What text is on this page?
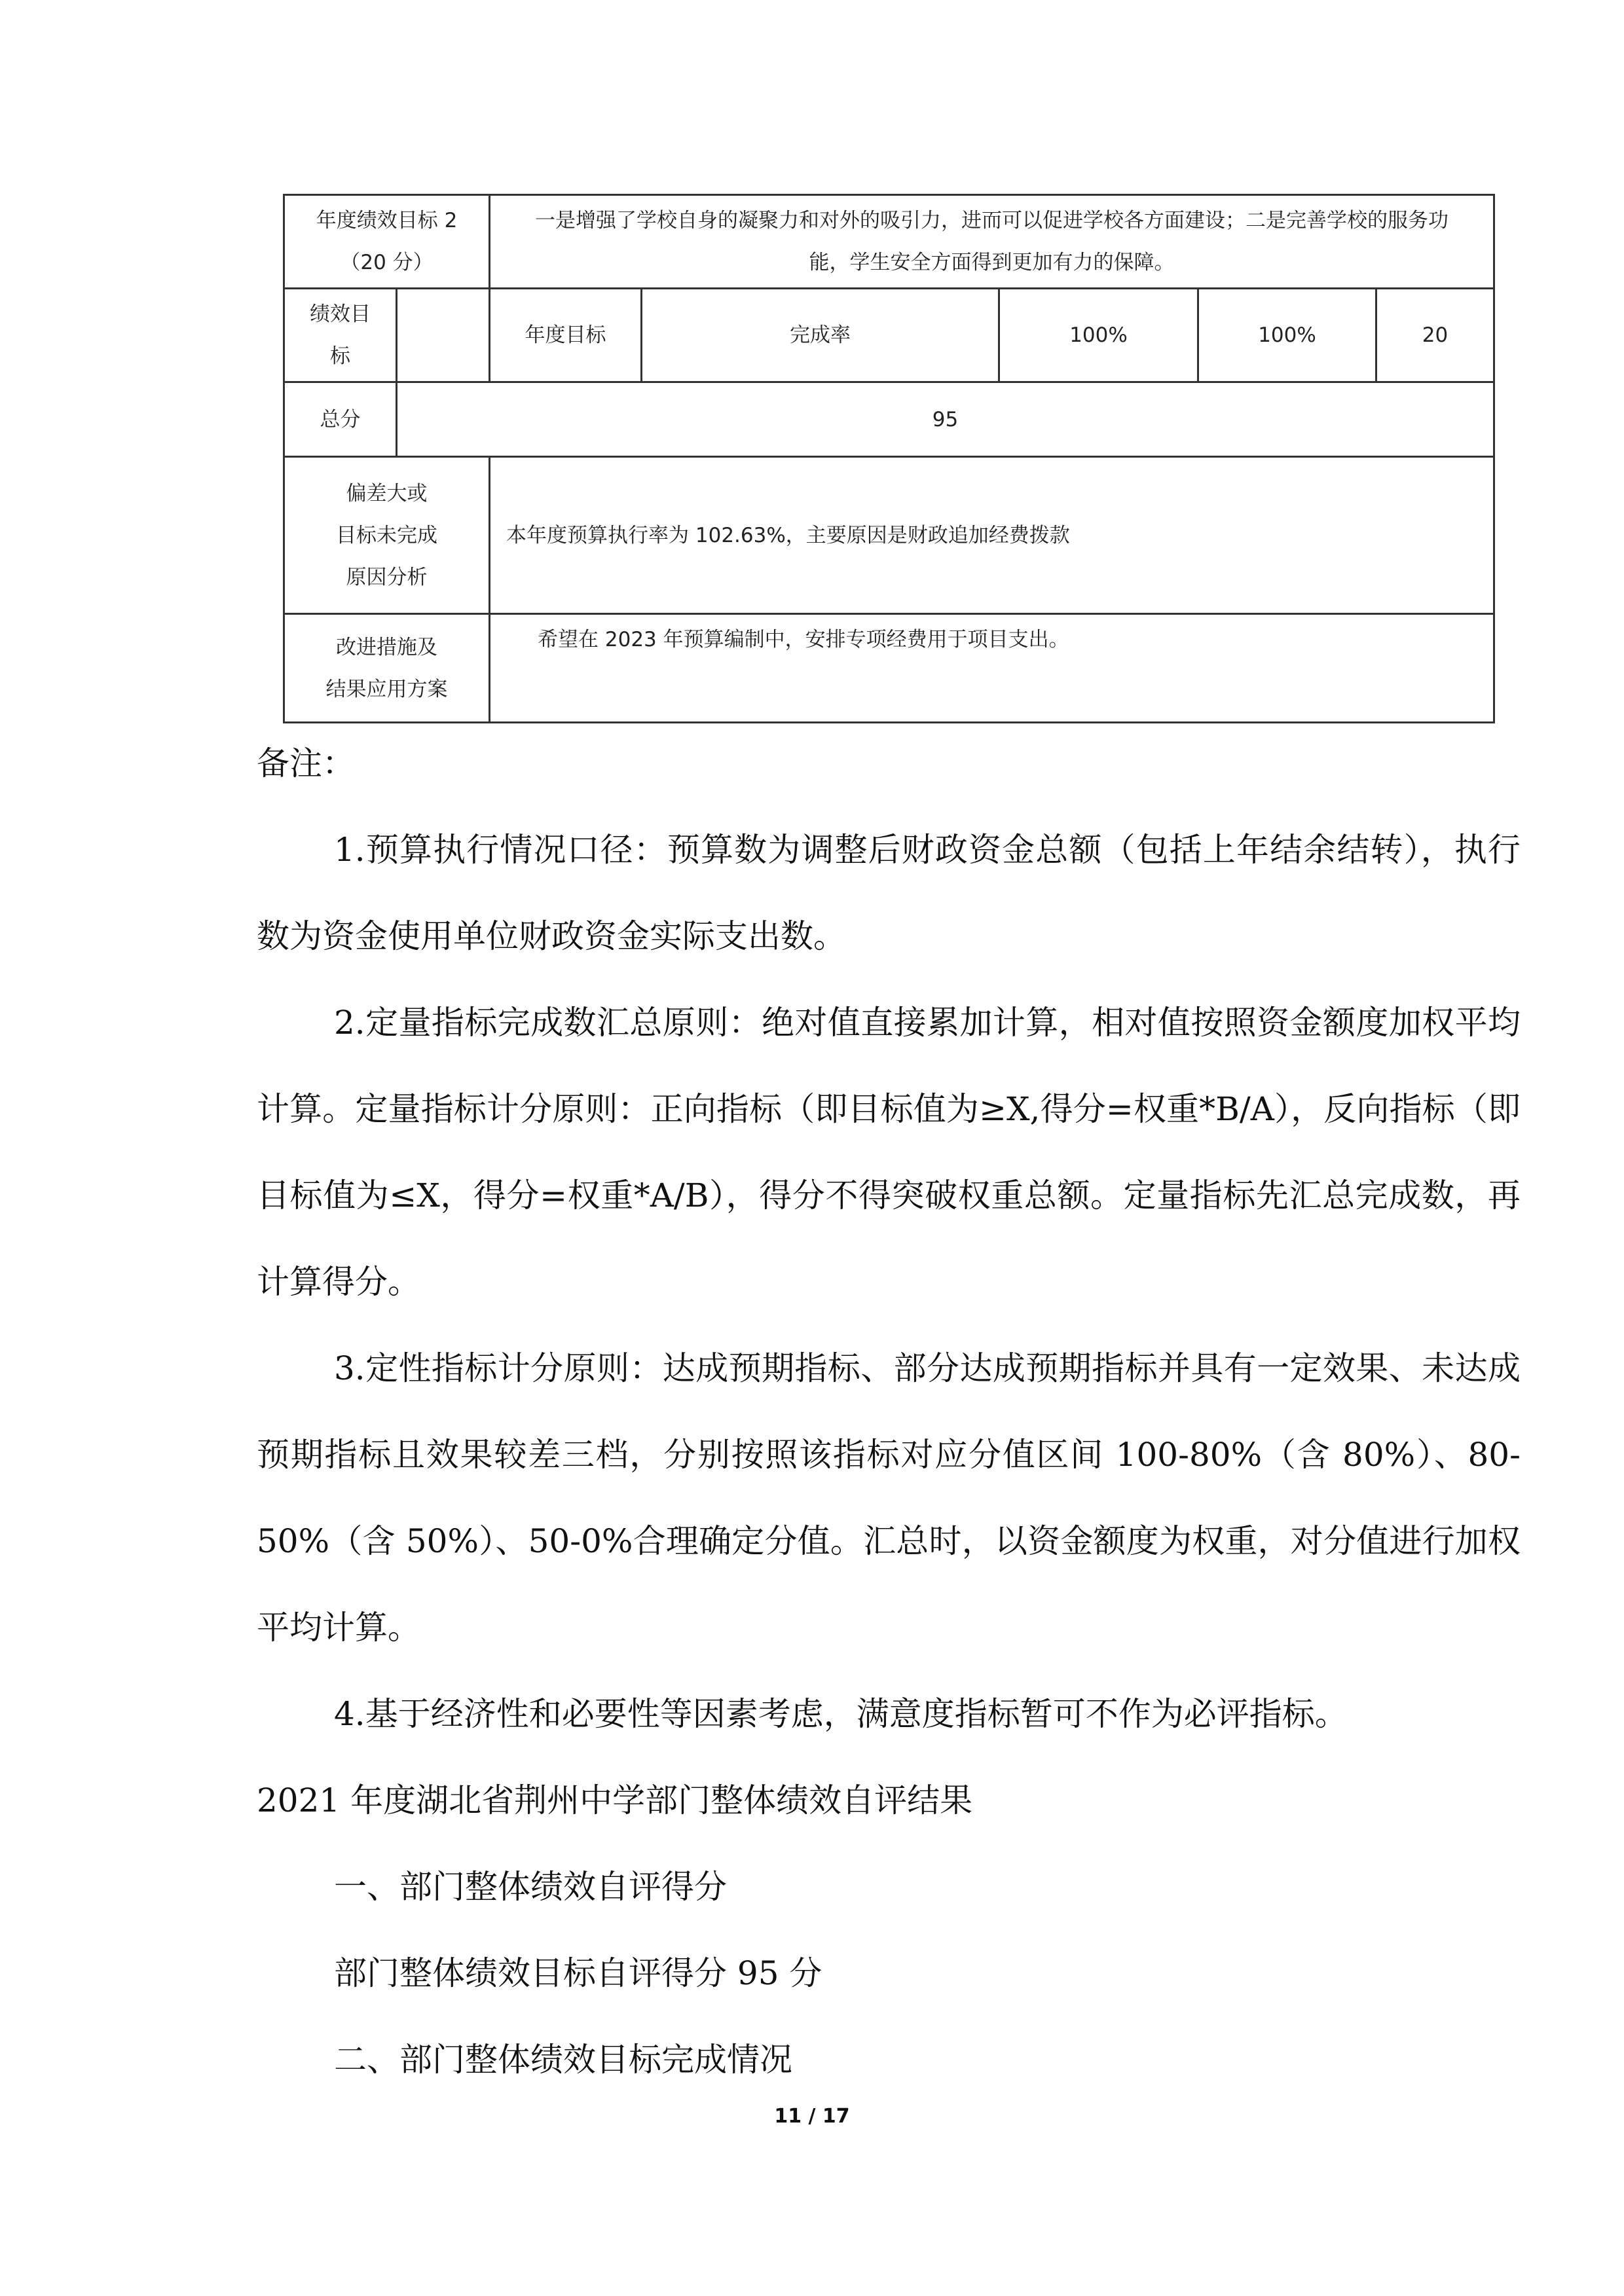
年度绩效目标 2
（20 分）		一是增强了学校自身的凝聚力和对外的吸引力，进而可以促进学校各方面建设；二是完善学校的服务功
能，学生安全方面得到更加有力的保障。				

绩效目
标		年度目标	完成率	100%	100%	20
总分	95					

偏差大或
目标未完成
原因分析		本年度预算执行率为 102.63%，主要原因是财政追加经费拨款				

改进措施及
结果应用方案		希望在 2023 年预算编制中，安排专项经费用于项目支出。				

备注：

1.预算执行情况口径：预算数为调整后财政资金总额（包括上年结余结转），执行数为资金使用单位财政资金实际支出数。

2.定量指标完成数汇总原则：绝对值直接累加计算，相对值按照资金额度加权平均计算。定量指标计分原则：正向指标（即目标值为≥X,得分=权重*B/A），反向指标（即目标值为≤X，得分=权重*A/B），得分不得突破权重总额。定量指标先汇总完成数，再计算得分。

3.定性指标计分原则：达成预期指标、部分达成预期指标并具有一定效果、未达成预期指标且效果较差三档，分别按照该指标对应分值区间 100-80%（含 80%）、80-50%（含 50%）、50-0%合理确定分值。汇总时，以资金额度为权重，对分值进行加权平均计算。

4.基于经济性和必要性等因素考虑，满意度指标暂可不作为必评指标。

2021 年度湖北省荆州中学部门整体绩效自评结果

一、部门整体绩效自评得分

部门整体绩效目标自评得分 95 分

二、部门整体绩效目标完成情况

11 / 17
